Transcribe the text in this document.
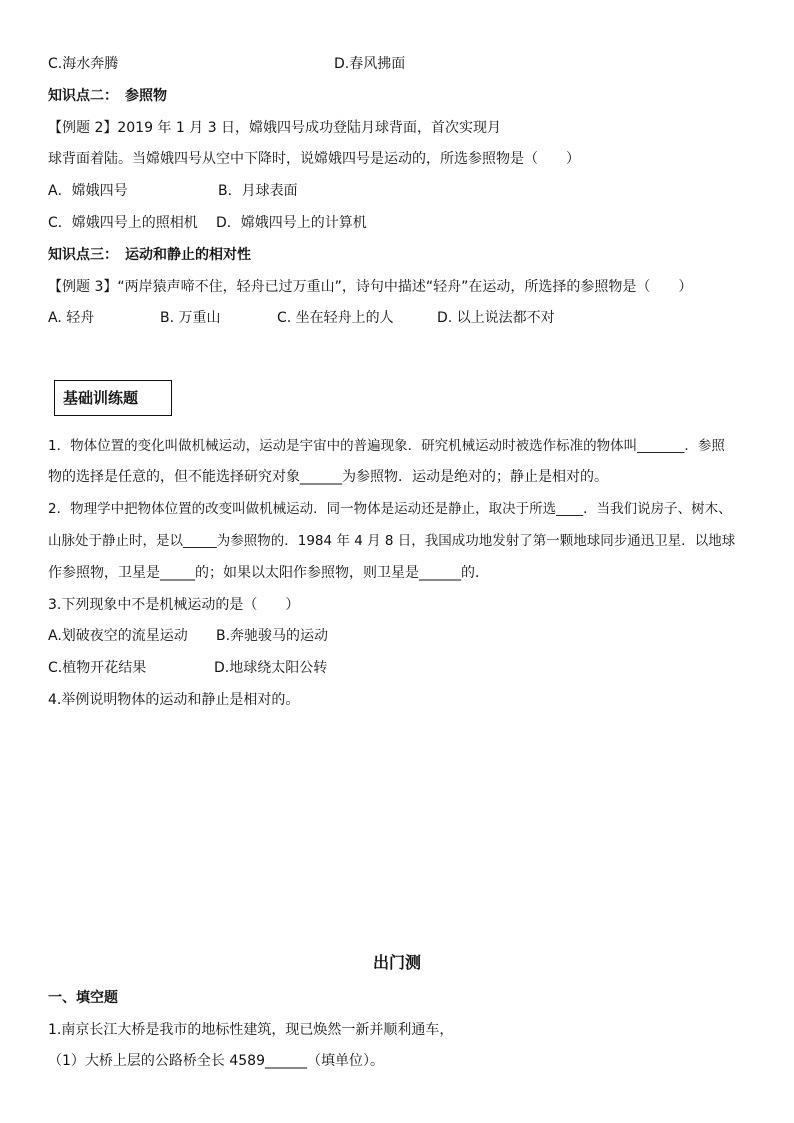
C.海水奔腾	D.春风拂面
知识点二：　参照物
【例题 2】2019 年 1 月 3 日，嫦娥四号成功登陆月球背面，首次实现月
球背面着陆。当嫦娥四号从空中下降时，说嫦娥四号是运动的，所选参照物是（　　）
A．嫦娥四号	B．月球表面
C．嫦娥四号上的照相机 D．嫦娥四号上的计算机
知识点三：　运动和静止的相对性
【例题 3】“两岸猿声啼不住，轻舟已过万重山”，诗句中描述“轻舟”在运动，所选择的参照物是（　　）
A. 轻舟	B. 万重山	C. 坐在轻舟上的人	D. 以上说法都不对
基础训练题
1．物体位置的变化叫做机械运动，运动是宇宙中的普遍现象．研究机械运动时被选作标准的物体叫_______．参照
物的选择是任意的，但不能选择研究对象______为参照物．运动是绝对的；静止是相对的。
2．物理学中把物体位置的改变叫做机械运动．同一物体是运动还是静止，取决于所选____．当我们说房子、树木、
山脉处于静止时，是以_____为参照物的．1984 年 4 月 8 日，我国成功地发射了第一颗地球同步通迅卫星．以地球
作参照物，卫星是_____的；如果以太阳作参照物，则卫星是______的．
3.下列现象中不是机械运动的是（　　）
A.划破夜空的流星运动 B.奔驰骏马的运动
C.植物开花结果	D.地球绕太阳公转
4.举例说明物体的运动和静止是相对的。
出门测
一、填空题
1.南京长江大桥是我市的地标性建筑，现已焕然一新并顺利通车，
（1）大桥上层的公路桥全长 4589______（填单位）。
